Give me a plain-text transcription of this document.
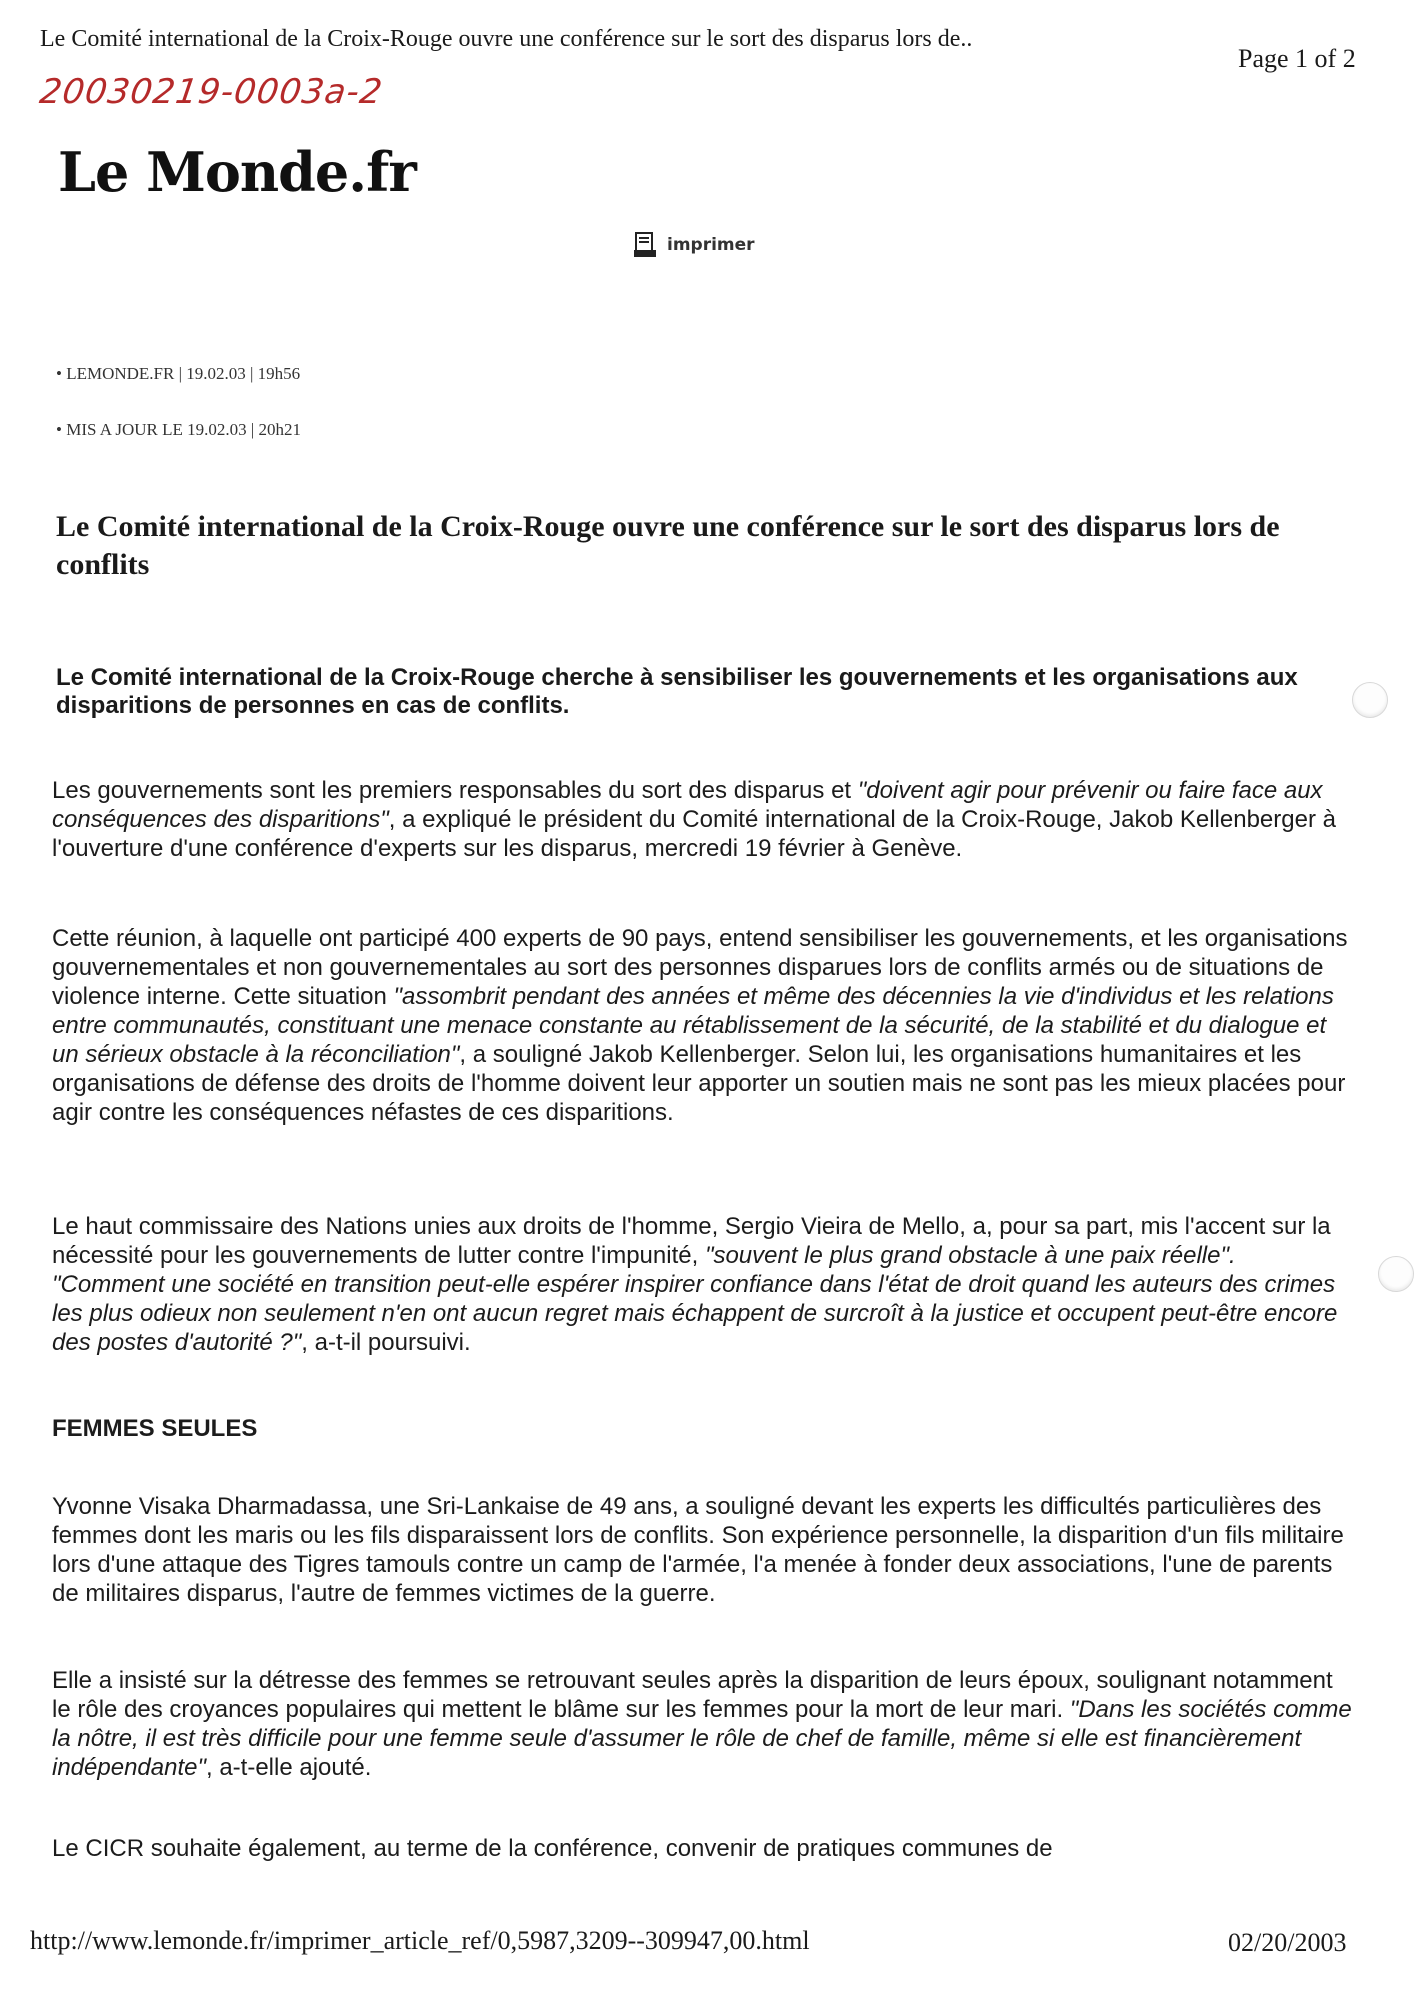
Le Comité international de la Croix-Rouge ouvre une conférence sur le sort des disparus lors de..
Page 1 of 2
20030219-0003a-2
Le Monde.fr
imprimer
• LEMONDE.FR | 19.02.03 | 19h56
• MIS A JOUR LE 19.02.03 | 20h21
Le Comité international de la Croix-Rouge ouvre une conférence sur le sort des disparus lors de conflits
Le Comité international de la Croix-Rouge cherche à sensibiliser les gouvernements et les organisations aux disparitions de personnes en cas de conflits.

Les gouvernements sont les premiers responsables du sort des disparus et "doivent agir pour prévenir ou faire face aux conséquences des disparitions", a expliqué le président du Comité international de la Croix-Rouge, Jakob Kellenberger à l'ouverture d'une conférence d'experts sur les disparus, mercredi 19 février à Genève.

Cette réunion, à laquelle ont participé 400 experts de 90 pays, entend sensibiliser les gouvernements, et les organisations gouvernementales et non gouvernementales au sort des personnes disparues lors de conflits armés ou de situations de violence interne. Cette situation "assombrit pendant des années et même des décennies la vie d'individus et les relations entre communautés, constituant une menace constante au rétablissement de la sécurité, de la stabilité et du dialogue et un sérieux obstacle à la réconciliation", a souligné Jakob Kellenberger. Selon lui, les organisations humanitaires et les organisations de défense des droits de l'homme doivent leur apporter un soutien mais ne sont pas les mieux placées pour agir contre les conséquences néfastes de ces disparitions.

Le haut commissaire des Nations unies aux droits de l'homme, Sergio Vieira de Mello, a, pour sa part, mis l'accent sur la nécessité pour les gouvernements de lutter contre l'impunité, "souvent le plus grand obstacle à une paix réelle". "Comment une société en transition peut-elle espérer inspirer confiance dans l'état de droit quand les auteurs des crimes les plus odieux non seulement n'en ont aucun regret mais échappent de surcroît à la justice et occupent peut-être encore des postes d'autorité ?", a-t-il poursuivi.

FEMMES SEULES

Yvonne Visaka Dharmadassa, une Sri-Lankaise de 49 ans, a souligné devant les experts les difficultés particulières des femmes dont les maris ou les fils disparaissent lors de conflits. Son expérience personnelle, la disparition d'un fils militaire lors d'une attaque des Tigres tamouls contre un camp de l'armée, l'a menée à fonder deux associations, l'une de parents de militaires disparus, l'autre de femmes victimes de la guerre.

Elle a insisté sur la détresse des femmes se retrouvant seules après la disparition de leurs époux, soulignant notamment le rôle des croyances populaires qui mettent le blâme sur les femmes pour la mort de leur mari. "Dans les sociétés comme la nôtre, il est très difficile pour une femme seule d'assumer le rôle de chef de famille, même si elle est financièrement indépendante", a-t-elle ajouté.

Le CICR souhaite également, au terme de la conférence, convenir de pratiques communes de

http://www.lemonde.fr/imprimer_article_ref/0,5987,3209--309947,00.html	02/20/2003
